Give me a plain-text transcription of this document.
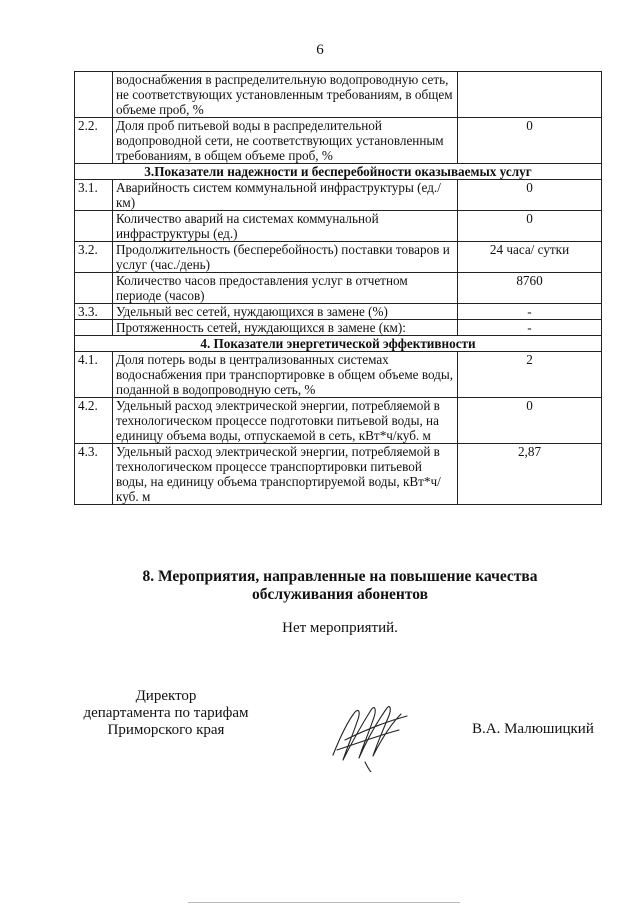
6
	водоснабжения в распределительную водопроводную сеть, не соответствующих установленным требованиям, в общем объеме проб, %	
2.2.	Доля проб питьевой воды в распределительной водопроводной сети, не соответствующих установленным требованиям, в общем объеме проб, %	0
3.Показатели надежности и бесперебойности оказываемых услуг		
3.1.	Аварийность систем коммунальной инфраструктуры (ед./км)	0
	Количество аварий на системах коммунальной инфраструктуры (ед.)	0
3.2.	Продолжительность (бесперебойность) поставки товаров и услуг (час./день)	24 часа/ сутки
	Количество часов предоставления услуг в отчетном периоде (часов)	8760
3.3.	Удельный вес сетей, нуждающихся в замене (%)	-
	Протяженность сетей, нуждающихся в замене (км):	-
4. Показатели энергетической эффективности		
4.1.	Доля потерь воды в централизованных системах водоснабжения при транспортировке в общем объеме воды, поданной в водопроводную сеть, %	2
4.2.	Удельный расход электрической энергии, потребляемой в технологическом процессе подготовки питьевой воды, на единицу объема воды, отпускаемой в сеть, кВт*ч/куб. м	0
4.3.	Удельный расход электрической энергии, потребляемой в технологическом процессе транспортировки питьевой воды, на единицу объема транспортируемой воды, кВт*ч/куб. м	2,87
8. Мероприятия, направленные на повышение качества
обслуживания абонентов
Нет мероприятий.
Директор
департамента по тарифам
Приморского края	В.А. Малюшицкий
